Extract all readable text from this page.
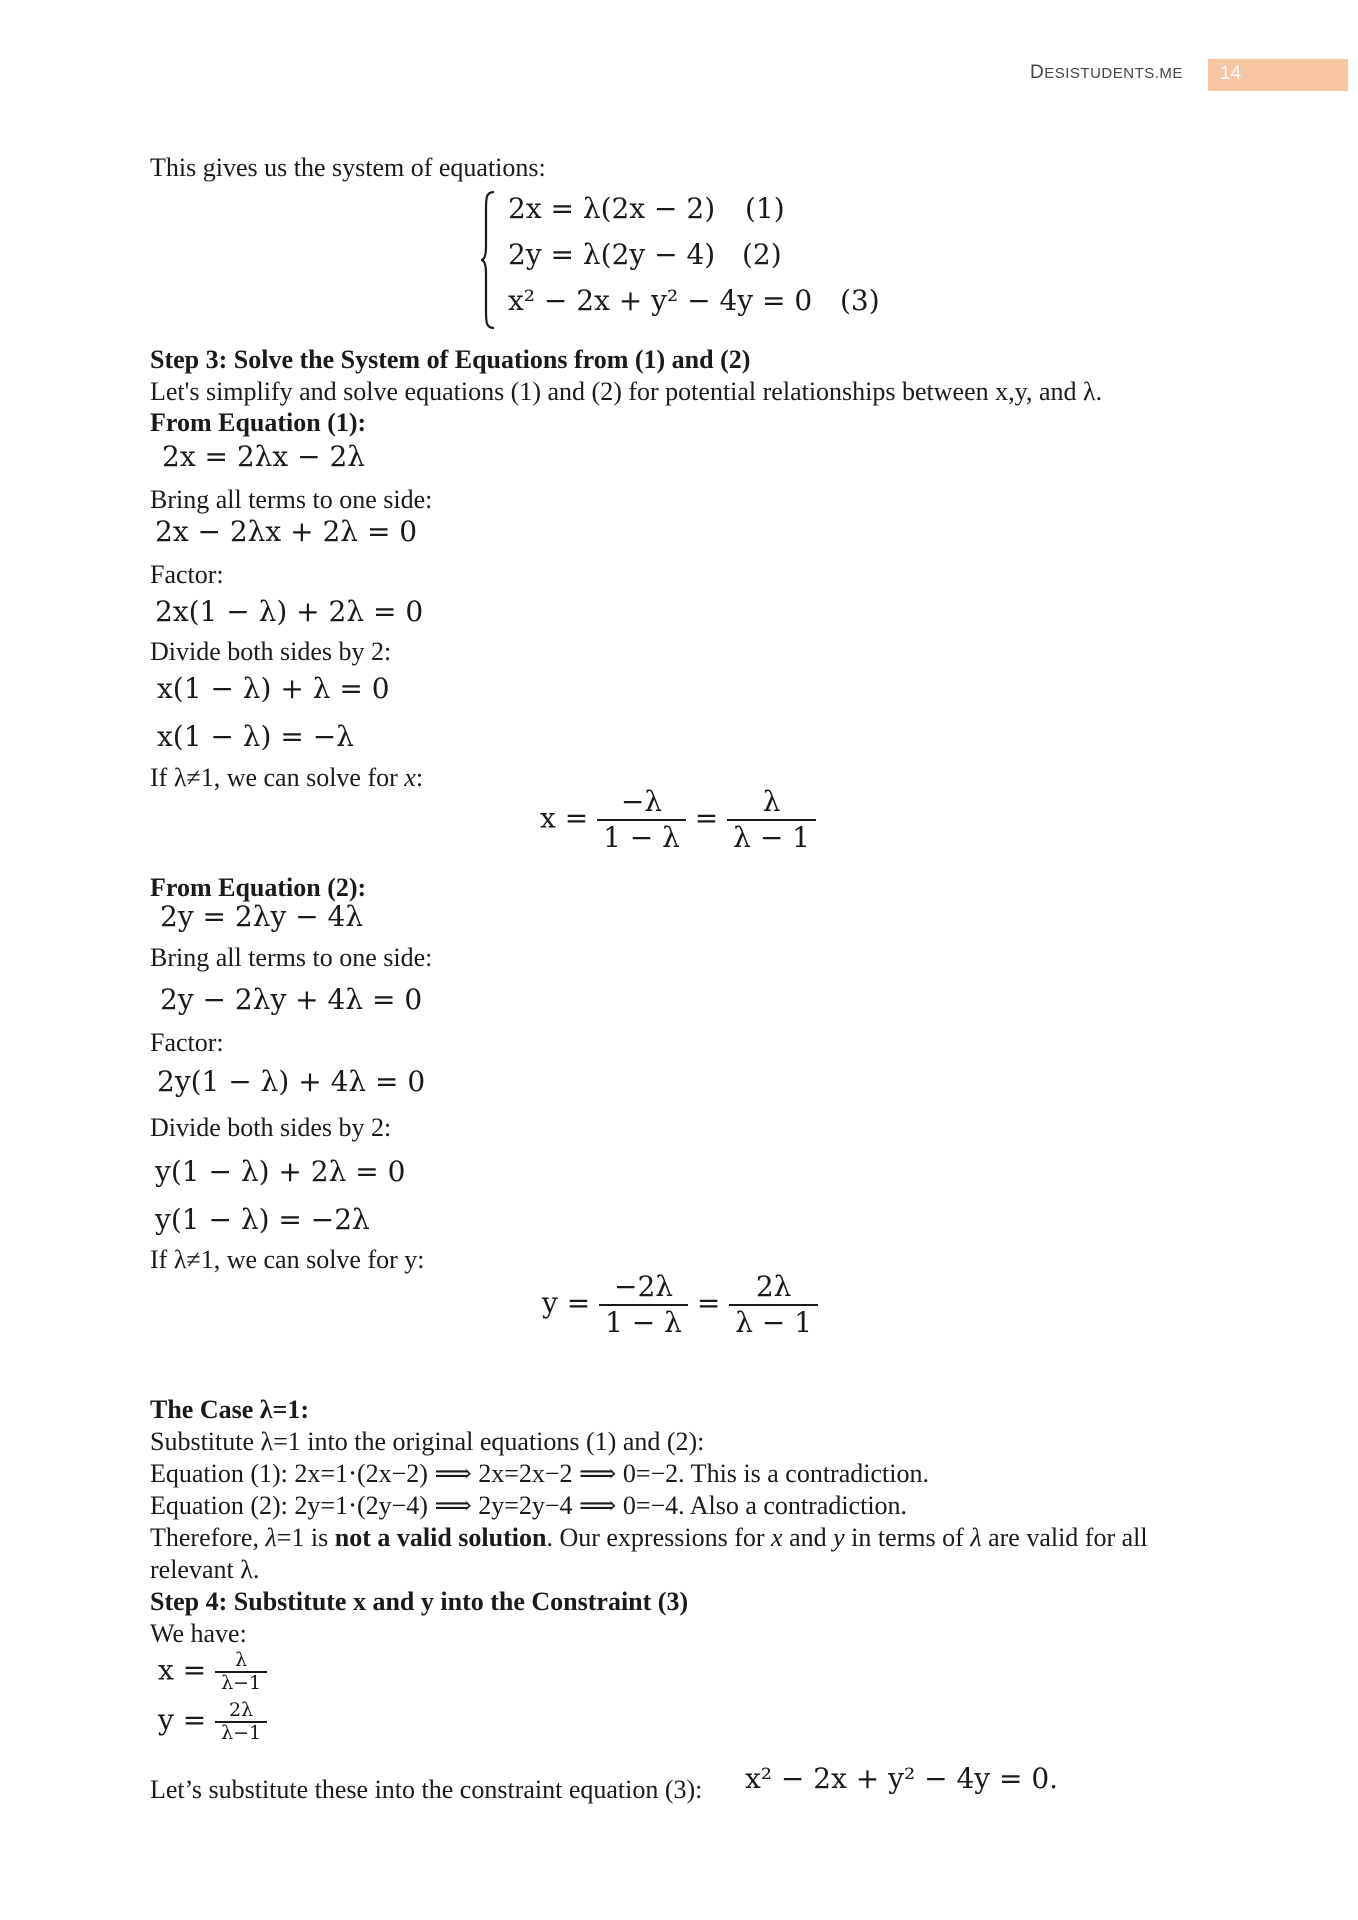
DESISTUDENTS.ME 14
This gives us the system of equations:
2x = λ(2x − 2) (1)
2y = λ(2y − 4) (2)
x² − 2x + y² − 4y = 0 (3)
Step 3: Solve the System of Equations from (1) and (2)
Let's simplify and solve equations (1) and (2) for potential relationships between x,y, and λ.
From Equation (1):
2x = 2λx − 2λ
Bring all terms to one side:
2x − 2λx + 2λ = 0
Factor:
2x(1 − λ) + 2λ = 0
Divide both sides by 2:
x(1 − λ) + λ = 0
x(1 − λ) = −λ
If λ≠1, we can solve for x:
$x = \frac{-\lambda}{1 - \lambda} = \frac{\lambda}{\lambda - 1}$
From Equation (2):
2y = 2λy − 4λ
Bring all terms to one side:
2y − 2λy + 4λ = 0
Factor:
2y(1 − λ) + 4λ = 0
Divide both sides by 2:
y(1 − λ) + 2λ = 0
y(1 − λ) = −2λ
If λ≠1, we can solve for y:
$y = \frac{-2\lambda}{1 - \lambda} = \frac{2\lambda}{\lambda - 1}$
The Case λ=1:
Substitute λ=1 into the original equations (1) and (2):
Equation (1): 2x=1⋅(2x−2) ⟹ 2x=2x−2 ⟹ 0=−2. This is a contradiction.
Equation (2): 2y=1⋅(2y−4) ⟹ 2y=2y−4 ⟹ 0=−4. Also a contradiction.
Therefore, λ=1 is not a valid solution. Our expressions for x and y in terms of λ are valid for all
relevant λ.
Step 4: Substitute x and y into the Constraint (3)
We have:
$x = \frac{\lambda}{\lambda-1}$
$y = \frac{2\lambda}{\lambda-1}$
Let’s substitute these into the constraint equation (3): x² − 2x + y² − 4y = 0.
